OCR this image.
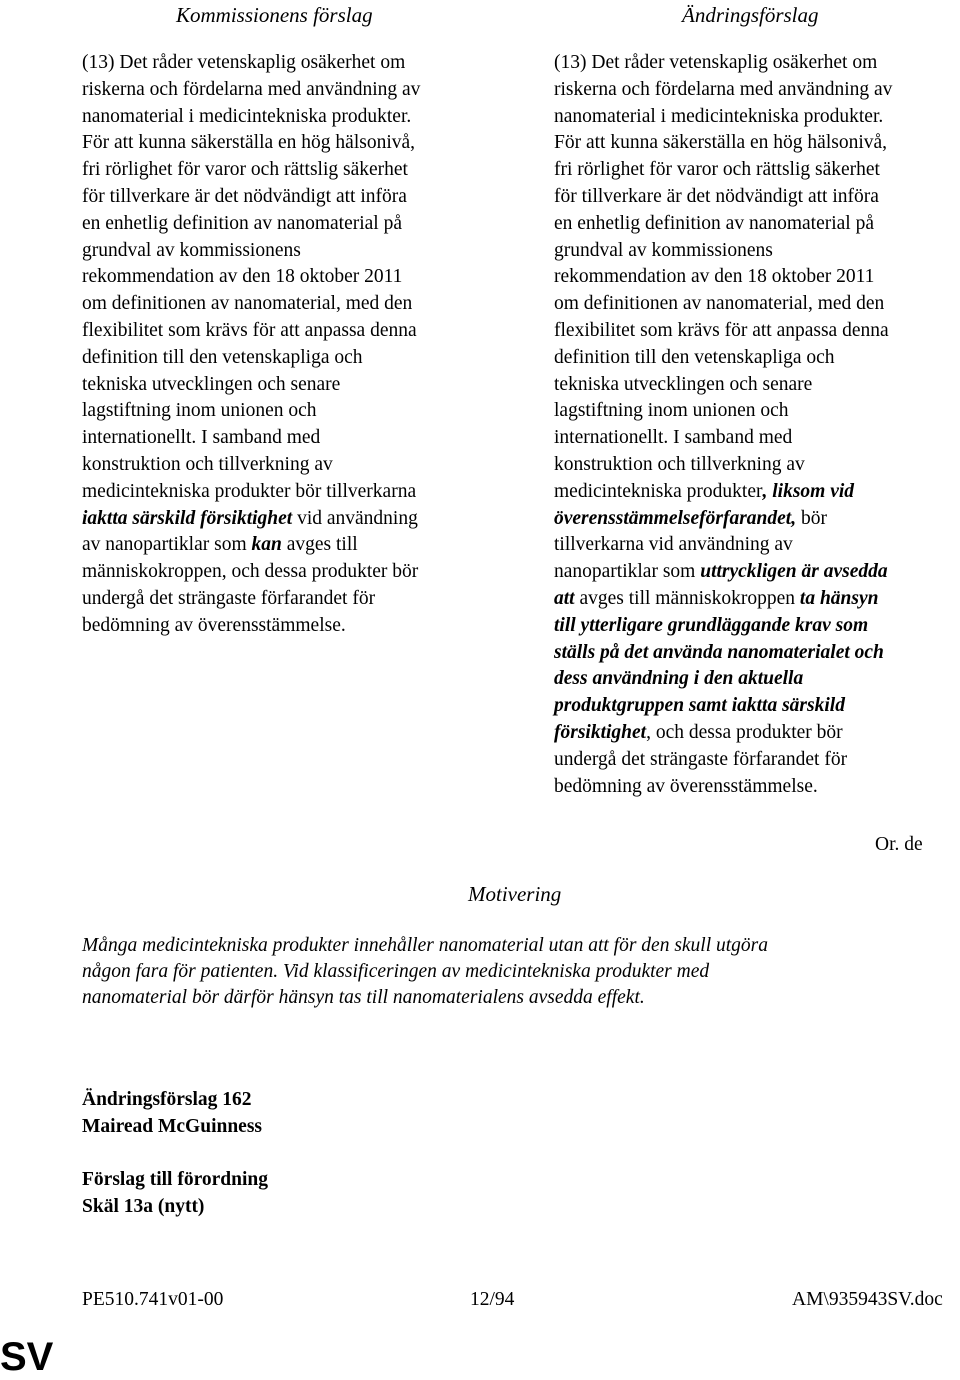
Kommissionens förslag	Ändringsförslag
(13) Det råder vetenskaplig osäkerhet om
riskerna och fördelarna med användning av
nanomaterial i medicintekniska produkter.
För att kunna säkerställa en hög hälsonivå,
fri rörlighet för varor och rättslig säkerhet
för tillverkare är det nödvändigt att införa
en enhetlig definition av nanomaterial på
grundval av kommissionens
rekommendation av den 18 oktober 2011
om definitionen av nanomaterial, med den
flexibilitet som krävs för att anpassa denna
definition till den vetenskapliga och
tekniska utvecklingen och senare
lagstiftning inom unionen och
internationellt. I samband med
konstruktion och tillverkning av
medicintekniska produkter bör tillverkarna
iaktta särskild försiktighet vid användning
av nanopartiklar som kan avges till
människokroppen, och dessa produkter bör
undergå det strängaste förfarandet för
bedömning av överensstämmelse.
(13) Det råder vetenskaplig osäkerhet om
riskerna och fördelarna med användning av
nanomaterial i medicintekniska produkter.
För att kunna säkerställa en hög hälsonivå,
fri rörlighet för varor och rättslig säkerhet
för tillverkare är det nödvändigt att införa
en enhetlig definition av nanomaterial på
grundval av kommissionens
rekommendation av den 18 oktober 2011
om definitionen av nanomaterial, med den
flexibilitet som krävs för att anpassa denna
definition till den vetenskapliga och
tekniska utvecklingen och senare
lagstiftning inom unionen och
internationellt. I samband med
konstruktion och tillverkning av
medicintekniska produkter, liksom vid
överensstämmelseförfarandet, bör
tillverkarna vid användning av
nanopartiklar som uttryckligen är avsedda
att avges till människokroppen ta hänsyn
till ytterligare grundläggande krav som
ställs på det använda nanomaterialet och
dess användning i den aktuella
produktgruppen samt iaktta särskild
försiktighet, och dessa produkter bör
undergå det strängaste förfarandet för
bedömning av överensstämmelse.
Or. de
Motivering
Många medicintekniska produkter innehåller nanomaterial utan att för den skull utgöra
någon fara för patienten. Vid klassificeringen av medicintekniska produkter med
nanomaterial bör därför hänsyn tas till nanomaterialens avsedda effekt.
Ändringsförslag 162
Mairead McGuinness
Förslag till förordning
Skäl 13a (nytt)
PE510.741v01-00	12/94	AM\935943SV.doc
SV
